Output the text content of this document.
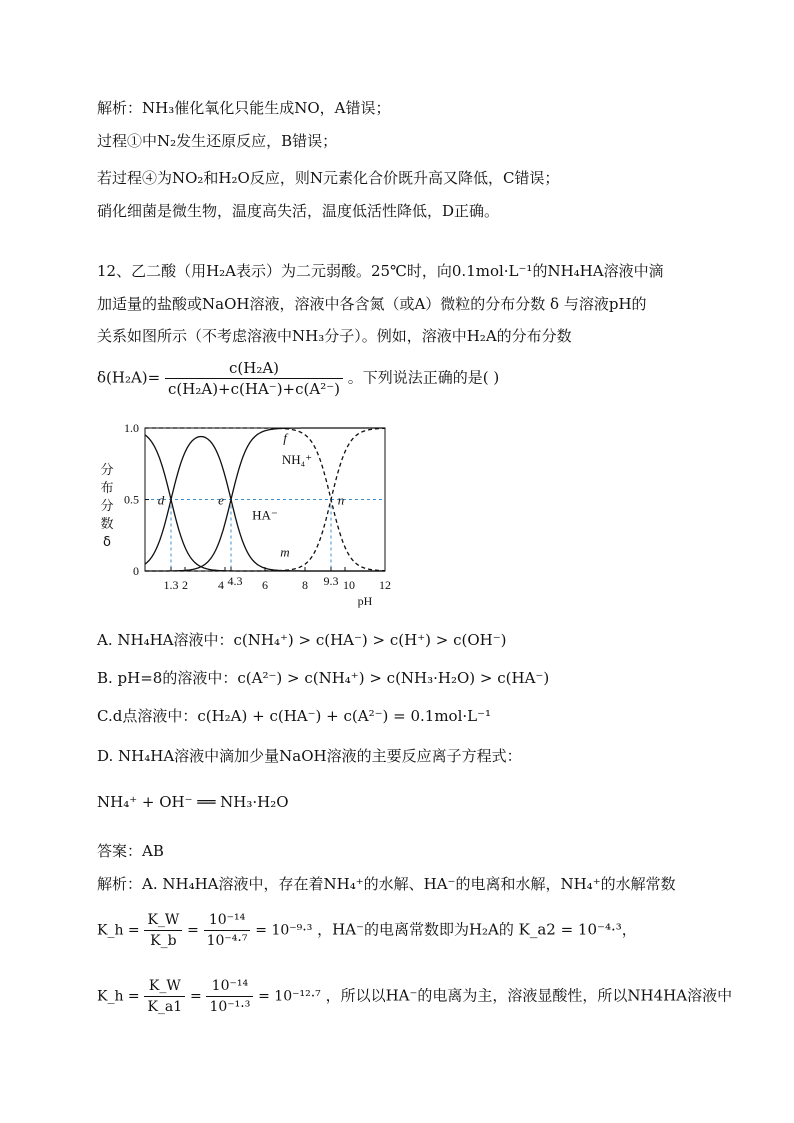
解析：NH₃催化氧化只能生成NO，A错误；
过程①中N₂发生还原反应，B错误；
若过程④为NO₂和H₂O反应，则N元素化合价既升高又降低，C错误；
硝化细菌是微生物，温度高失活，温度低活性降低，D正确。
12、乙二酸（用H₂A表示）为二元弱酸。25℃时，向0.1mol·L⁻¹的NH₄HA溶液中滴
加适量的盐酸或NaOH溶液，溶液中各含氮（或A）微粒的分布分数 δ 与溶液pH的
关系如图所示（不考虑溶液中NH₃分子）。例如，溶液中H₂A的分布分数
$\delta(H_2A)= \frac{\text{c(H₂A)}}{\text{c(H₂A)+c(HA⁻)+c(A²⁻)}}$ 。下列说法正确的是( )
1.3 2	4 4.3 6	8 9.3 10 12
0
0.5
1.0
pH
分
布
分
数
δ
d	e
f
n
m
NH₄⁺
HA⁻
A. NH₄HA溶液中：c(NH₄⁺) > c(HA⁻) > c(H⁺) > c(OH⁻)
B. pH=8的溶液中：c(A²⁻) > c(NH₄⁺) > c(NH₃·H₂O) > c(HA⁻)
C.d点溶液中：c(H₂A) + c(HA⁻) + c(A²⁻) = 0.1mol·L⁻¹
D. NH₄HA溶液中滴加少量NaOH溶液的主要反应离子方程式：
NH₄⁺ + OH⁻ ══ NH₃·H₂O
答案：AB
解析：A. NH₄HA溶液中，存在着NH₄⁺的水解、HA⁻的电离和水解，NH₄⁺的水解常数
K_h = $\frac{K\_W}{K\_b} = \frac{\text{10⁻¹⁴}}{\text{10⁻⁴·⁷}} = 10^{-9}\cdot^3$ ，HA⁻的电离常数即为H₂A的 K_a2 = 10⁻⁴·³，
K_h = $\frac{K\_W}{K\_a1} = \frac{\text{10⁻¹⁴}}{\text{10⁻¹·³}} = 10^{-12}\cdot^7$ ，所以以HA⁻的电离为主，溶液显酸性，所以NH4HA溶液中
